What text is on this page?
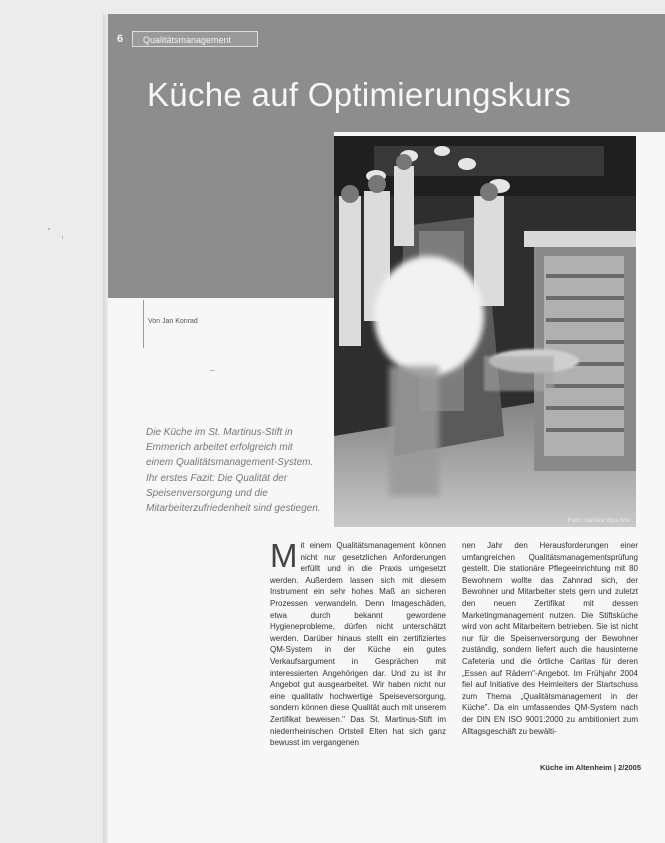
6	Qualitätsmanagement
Küche auf Optimierungskurs
Foto: caritas/ dpa.nrw
Von Jan Konrad

Die Küche im St. Martinus-Stift in Emmerich arbeitet erfolgreich mit einem Qualitätsmanagement-System. Ihr erstes Fazit: Die Qualität der Speisenversorgung und die Mitarbeiterzufriedenheit sind gestiegen.

Mit einem Qualitätsmanagement können nicht nur gesetzlichen Anforderungen erfüllt und in die Praxis umgesetzt werden. Außerdem lassen sich mit diesem Instrument ein sehr hohes Maß an sicheren Prozessen verwandeln. Denn Imageschäden, etwa durch bekannt gewordene Hygieneprobleme, dürfen nicht unterschätzt werden. Darüber hinaus stellt ein zertifiziertes QM-System in der Küche ein gutes Verkaufsargument in Gesprächen mit interessierten Angehörigen dar. Und zu ist ihr Angebot gut ausgearbeitet. Wir haben nicht nur eine qualitativ hochwertige Speiseversorgung, sondern können diese Qualität auch mit unserem Zertifikat beweisen." Das St. Martinus-Stift im niederrheinischen Ortsteil Elten hat sich ganz bewusst im vergangenen
nen Jahr den Herausforderungen einer umfangreichen Qualitätsmanagementsprüfung gestellt. Die stationäre Pflegeeinrichtung mit 80 Bewohnern wollte das Zahnrad sich, der Bewohner und Mitarbeiter stets gern und zuletzt den neuen Zertifikat mit dessen Marketingmanagement nutzen. Die Stiftsküche wird von acht Mitarbeitern betrieben. Sie ist nicht nur für die Speisenversorgung der Bewohner zuständig, sondern liefert auch die hausinterne Cafeteria und die örtliche Caritas für deren „Essen auf Rädern"-Angebot. Im Frühjahr 2004 fiel auf Initiative des Heimleiters der Startschuss zum Thema „Qualitätsmanagement in der Küche". Da ein umfassendes QM-System nach der DIN EN ISO 9001:2000 zu ambitioniert zum Alltagsgeschäft zu bewälti-
Küche im Altenheim | 2/2005
